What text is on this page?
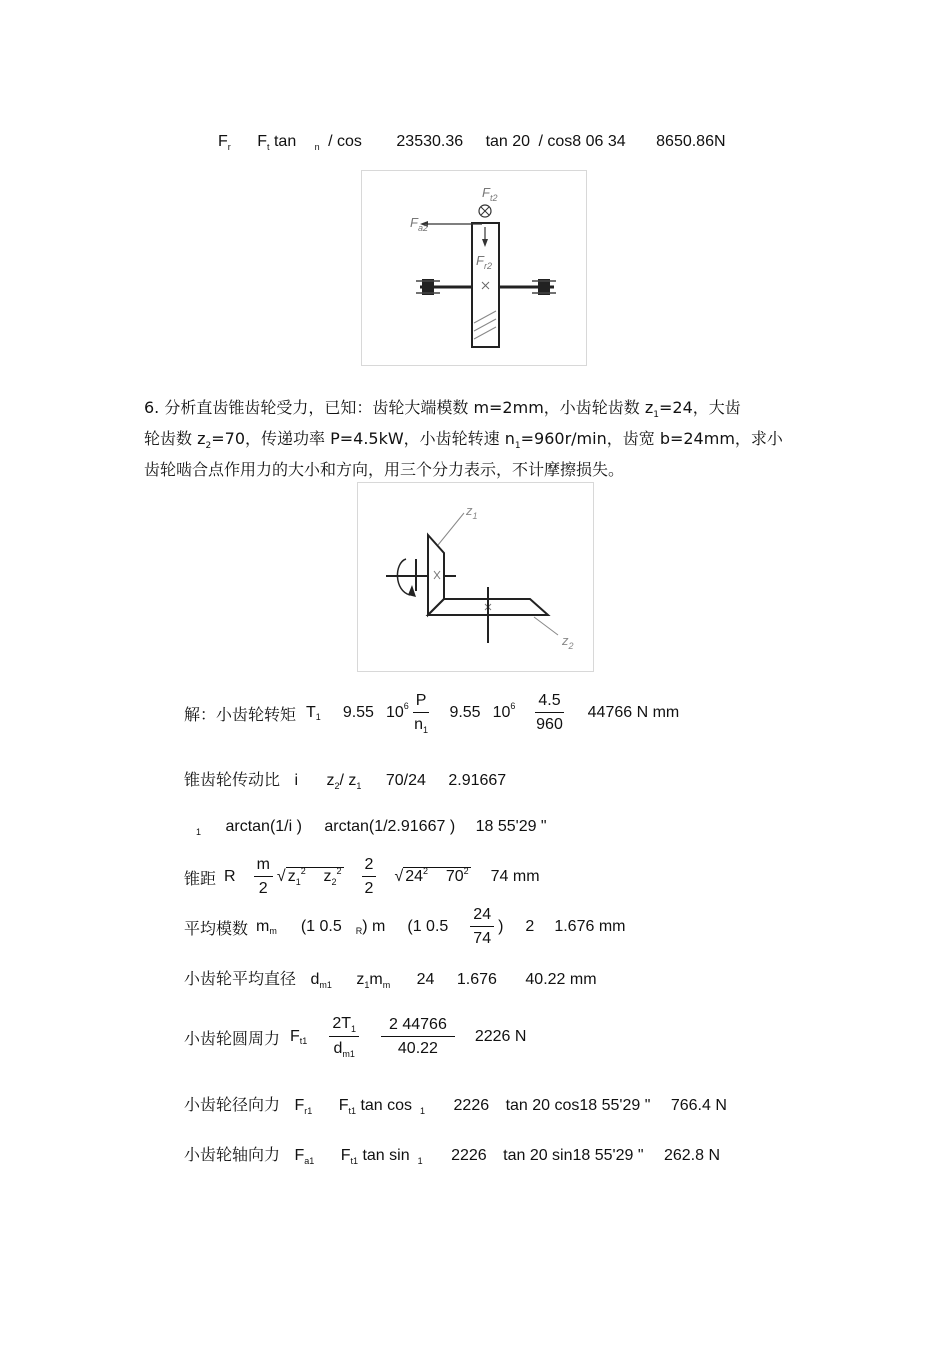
$F_r$ $F_t$ tan $_n$ / cos 23530.36 tan 20 / cos8 06 34 8650.86N
$F_{t2}$
$F_{a2}$
$F_{r2}$
6. 分析直齿锥齿轮受力，已知：齿轮大端模数 m=2mm，小齿轮齿数 $z_1=24$，大齿
轮齿数 $z_2=70$，传递功率 P=4.5kW，小齿轮转速 $n_1=960r/\min$，齿宽 b=24mm，求小
齿轮啮合点作用力的大小和方向，用三个分力表示，不计摩擦损失。
$z_1$
$z_2$
解：小齿轮转矩 T 1 9.55 10 $6 \frac{P}{n_1} 9.55$ 10 $6 \frac{4.5}{960} 44766$ N mm
锥齿轮传动比 i $z_2/$ $z_1$ 70/24 2.91667
$_1$ arctan(1/i ) arctan(1/2.91667 ) 18 55'29 "
锥距 R $\frac{m}{2}$ √ $z_1^2$ $z_2^2 \frac{2}{2}$ √ $24^2$ $70^2$ 74 mm
平均模数 m m (1 0.5 R ) m (1 $0.5 \frac{24}{74}$ ) 2 1.676 mm
小齿轮平均直径 $d_{m1}$ $z_1m_m$ 24 1.676 40.22 mm
小齿轮圆周力 F $t1 \frac{2T_1}{d_{m1}} \frac{2 44766}{40.22} 2226$ N
小齿轮径向力 $F_{r1}$ $F_{t1}$ tan cos $_1$ 2226 tan 20 cos18 55'29 " 766.4 N
小齿轮轴向力 $F_{a1}$ $F_{t1}$ tan sin $_1$ 2226 tan 20 sin18 55'29 " 262.8 N
